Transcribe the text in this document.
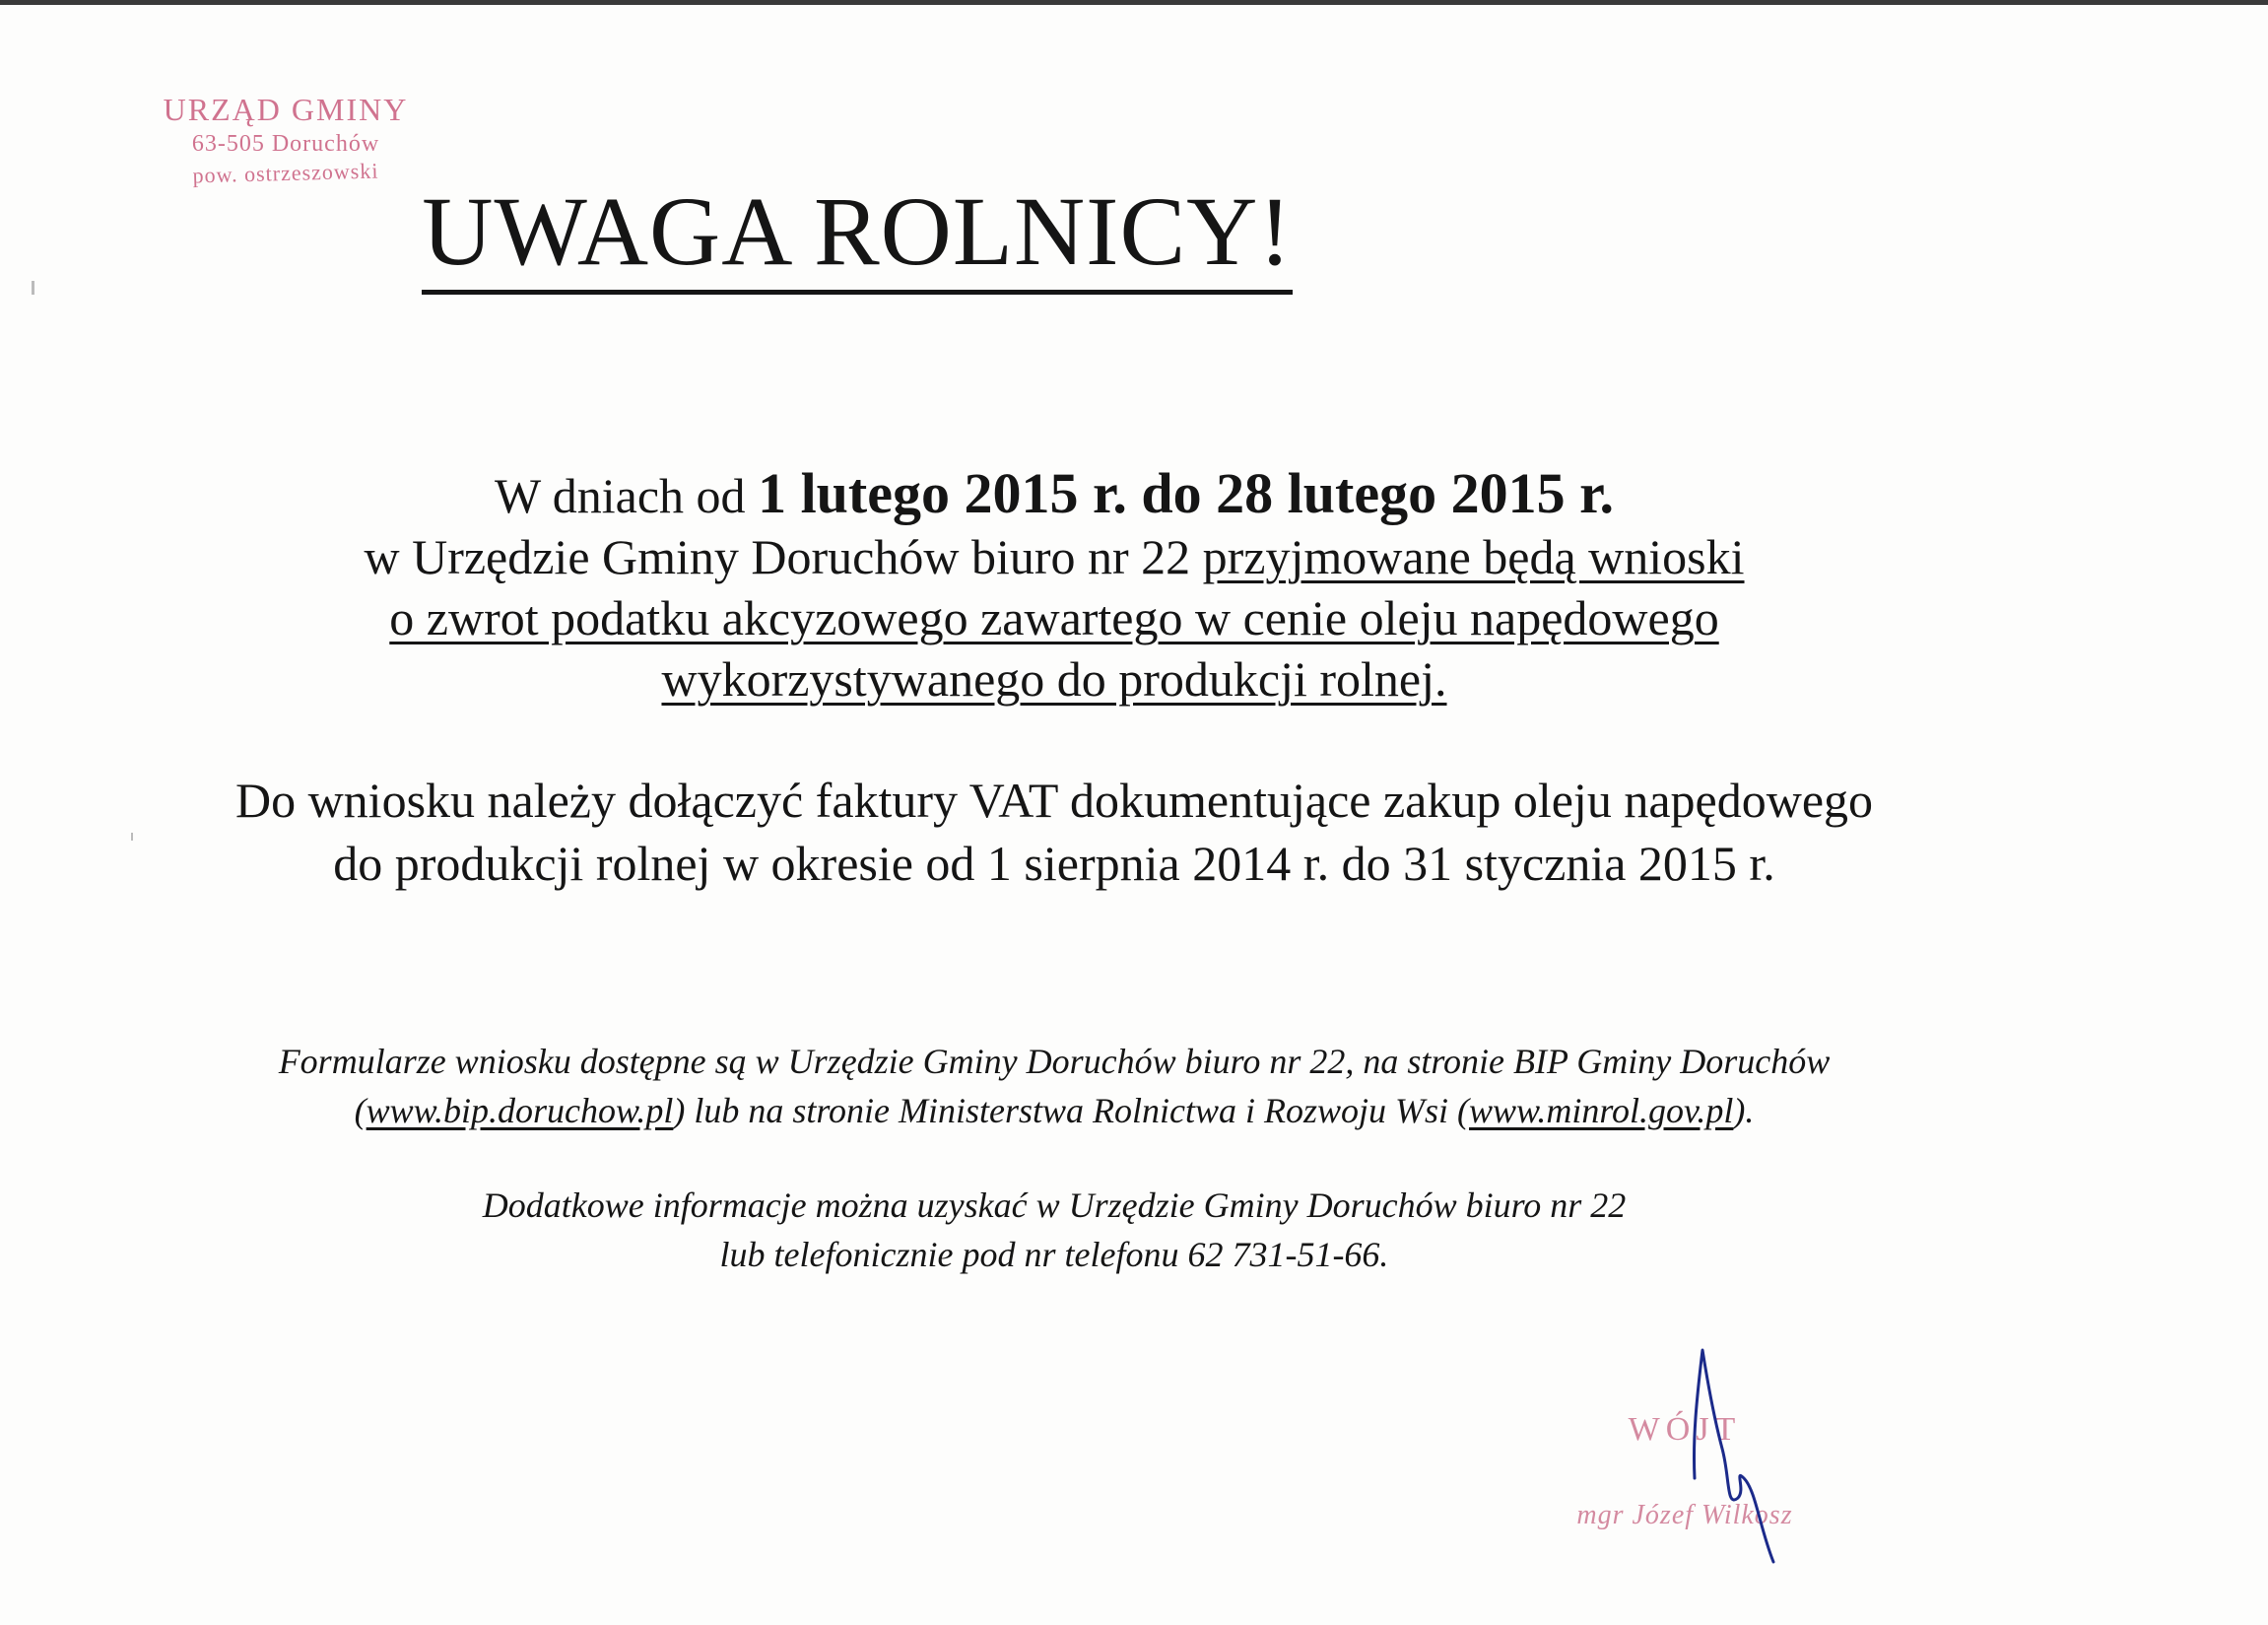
URZĄD GMINY
63-505 Doruchów
pow. ostrzeszowski
UWAGA ROLNICY!
W dniach od 1 lutego 2015 r. do 28 lutego 2015 r.
w Urzędzie Gminy Doruchów biuro nr 22 przyjmowane będą wnioski
o zwrot podatku akcyzowego zawartego w cenie oleju napędowego
wykorzystywanego do produkcji rolnej.
Do wniosku należy dołączyć faktury VAT dokumentujące zakup oleju napędowego
do produkcji rolnej w okresie od 1 sierpnia 2014 r. do 31 stycznia 2015 r.
Formularze wniosku dostępne są w Urzędzie Gminy Doruchów biuro nr 22, na stronie BIP Gminy Doruchów
(www.bip.doruchow.pl) lub na stronie Ministerstwa Rolnictwa i Rozwoju Wsi (www.minrol.gov.pl).
Dodatkowe informacje można uzyskać w Urzędzie Gminy Doruchów biuro nr 22
lub telefonicznie pod nr telefonu 62 731-51-66.
WÓJT
mgr Józef Wilkosz
